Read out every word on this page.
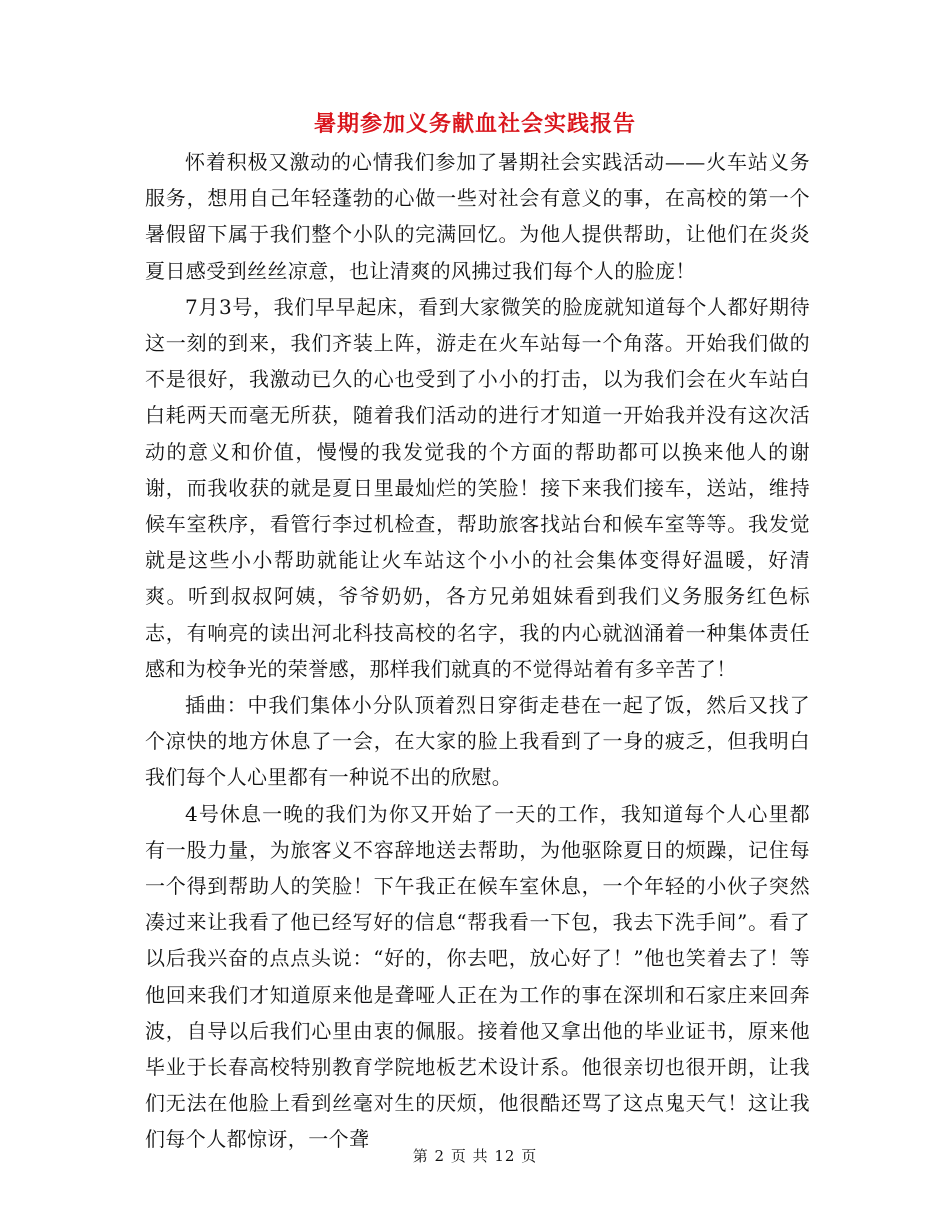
暑期参加义务献血社会实践报告

怀着积极又激动的心情我们参加了暑期社会实践活动——火车站义务服务，想用自己年轻蓬勃的心做一些对社会有意义的事，在高校的第一个暑假留下属于我们整个小队的完满回忆。为他人提供帮助，让他们在炎炎夏日感受到丝丝凉意，也让清爽的风拂过我们每个人的脸庞！

7月3号，我们早早起床，看到大家微笑的脸庞就知道每个人都好期待这一刻的到来，我们齐装上阵，游走在火车站每一个角落。开始我们做的不是很好，我激动已久的心也受到了小小的打击，以为我们会在火车站白白耗两天而毫无所获，随着我们活动的进行才知道一开始我并没有这次活动的意义和价值，慢慢的我发觉我的个方面的帮助都可以换来他人的谢谢，而我收获的就是夏日里最灿烂的笑脸！接下来我们接车，送站，维持候车室秩序，看管行李过机检查，帮助旅客找站台和候车室等等。我发觉就是这些小小帮助就能让火车站这个小小的社会集体变得好温暖，好清爽。听到叔叔阿姨，爷爷奶奶，各方兄弟姐妹看到我们义务服务红色标志，有响亮的读出河北科技高校的名字，我的内心就汹涌着一种集体责任感和为校争光的荣誉感，那样我们就真的不觉得站着有多辛苦了！

插曲：中我们集体小分队顶着烈日穿街走巷在一起了饭，然后又找了个凉快的地方休息了一会，在大家的脸上我看到了一身的疲乏，但我明白我们每个人心里都有一种说不出的欣慰。

4号休息一晚的我们为你又开始了一天的工作，我知道每个人心里都有一股力量，为旅客义不容辞地送去帮助，为他驱除夏日的烦躁，记住每一个得到帮助人的笑脸！下午我正在候车室休息，一个年轻的小伙子突然凑过来让我看了他已经写好的信息“帮我看一下包，我去下洗手间”。看了以后我兴奋的点点头说：“好的，你去吧，放心好了！”他也笑着去了！等他回来我们才知道原来他是聋哑人正在为工作的事在深圳和石家庄来回奔波，自导以后我们心里由衷的佩服。接着他又拿出他的毕业证书，原来他毕业于长春高校特别教育学院地板艺术设计系。他很亲切也很开朗，让我们无法在他脸上看到丝毫对生的厌烦，他很酷还骂了这点鬼天气！这让我们每个人都惊讶，一个聋

第 2 页 共 12 页
